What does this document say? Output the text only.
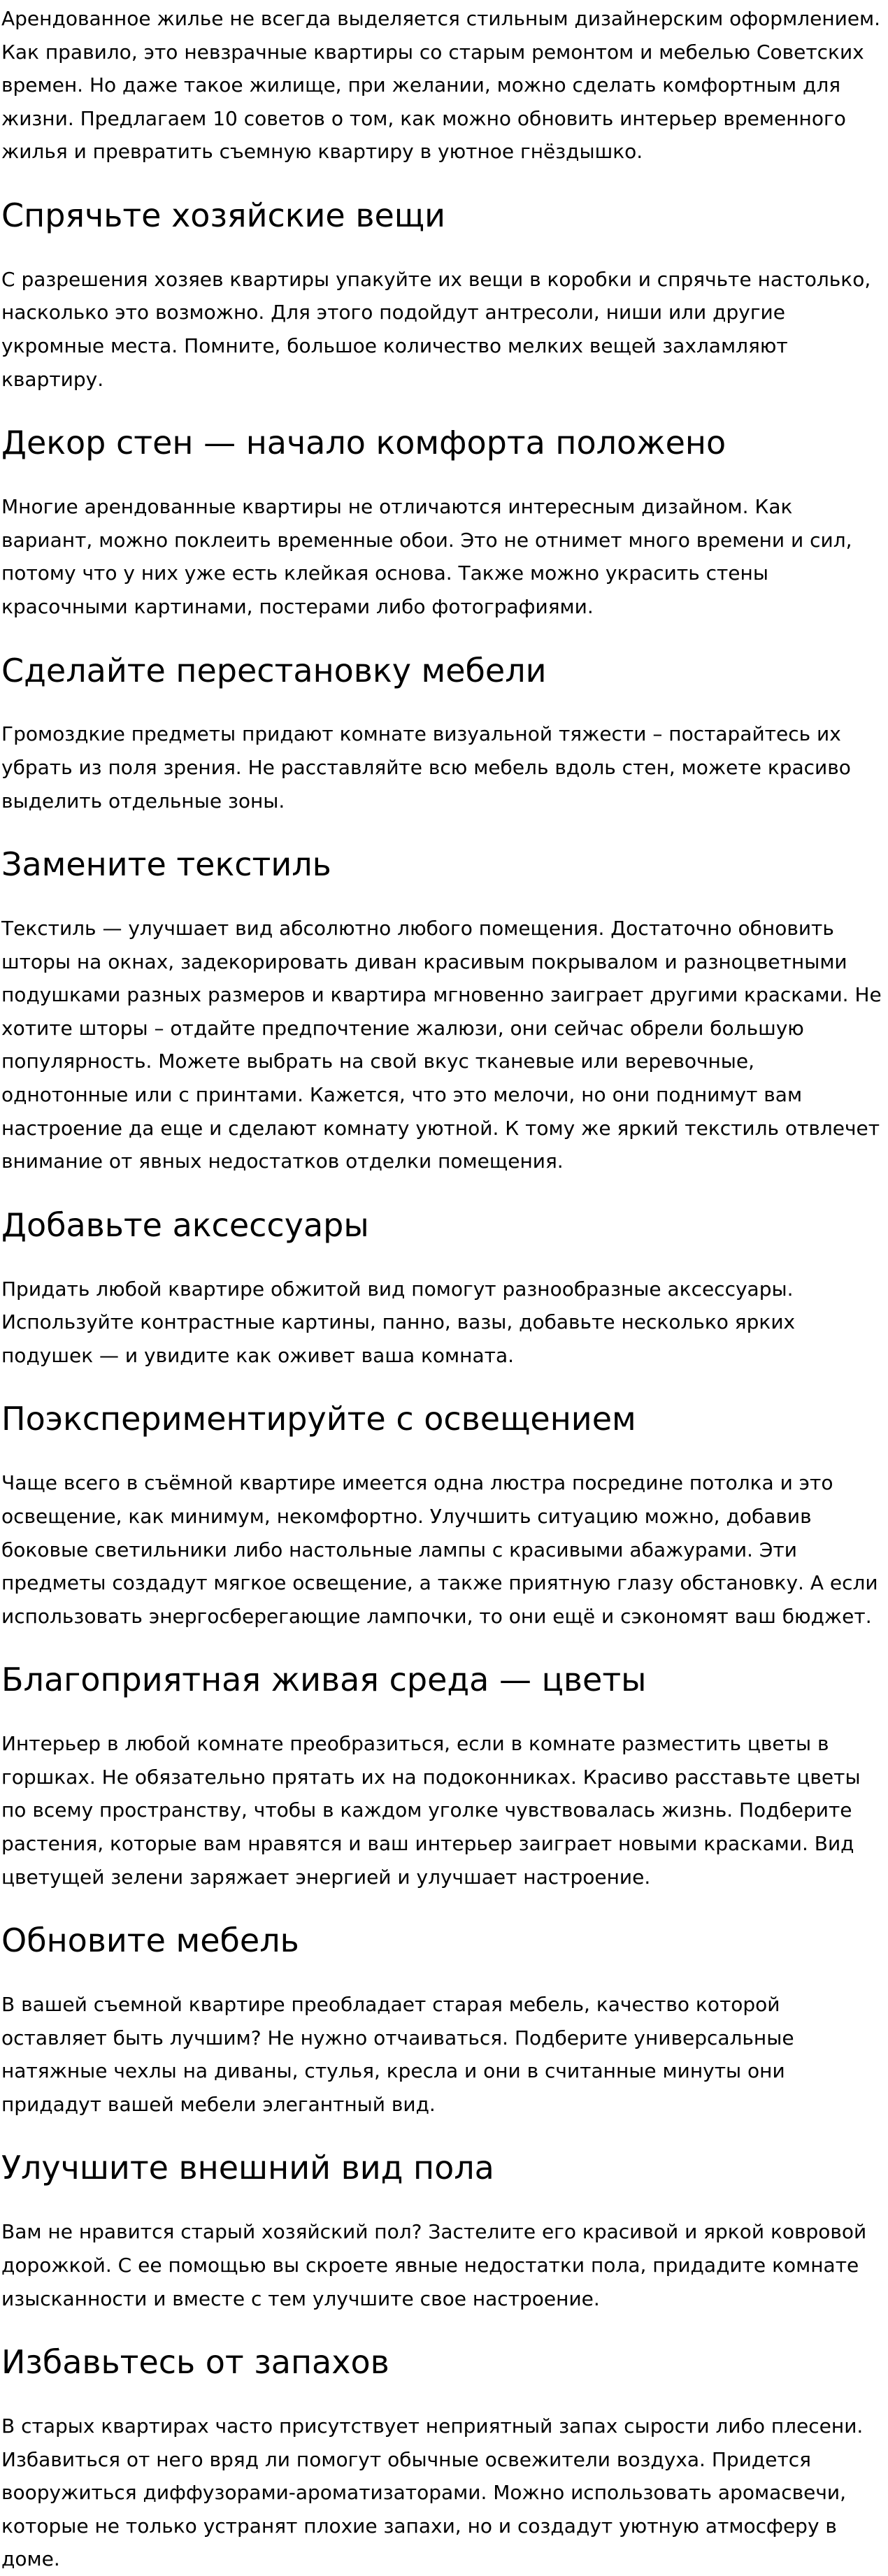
Арендованное жилье не всегда выделяется стильным дизайнерским оформлением. Как правило, это невзрачные квартиры со старым ремонтом и мебелью Советских времен. Но даже такое жилище, при желании, можно сделать комфортным для жизни. Предлагаем 10 советов о том, как можно обновить интерьер временного жилья и превратить съемную квартиру в уютное гнёздышко.

Спрячьте хозяйские вещи

С разрешения хозяев квартиры упакуйте их вещи в коробки и спрячьте настолько, насколько это возможно. Для этого подойдут антресоли, ниши или другие укромные места. Помните, большое количество мелких вещей захламляют квартиру.

Декор стен — начало комфорта положено

Многие арендованные квартиры не отличаются интересным дизайном. Как вариант, можно поклеить временные обои. Это не отнимет много времени и сил, потому что у них уже есть клейкая основа. Также можно украсить стены красочными картинами, постерами либо фотографиями.

Сделайте перестановку мебели

Громоздкие предметы придают комнате визуальной тяжести – постарайтесь их убрать из поля зрения. Не расставляйте всю мебель вдоль стен, можете красиво выделить отдельные зоны.

Замените текстиль

Текстиль — улучшает вид абсолютно любого помещения. Достаточно обновить шторы на окнах, задекорировать диван красивым покрывалом и разноцветными подушками разных размеров и квартира мгновенно заиграет другими красками. Не хотите шторы – отдайте предпочтение жалюзи, они сейчас обрели большую популярность. Можете выбрать на свой вкус тканевые или веревочные, однотонные или с принтами. Кажется, что это мелочи, но они поднимут вам настроение да еще и сделают комнату уютной. К тому же яркий текстиль отвлечет внимание от явных недостатков отделки помещения.

Добавьте аксессуары

Придать любой квартире обжитой вид помогут разнообразные аксессуары. Используйте контрастные картины, панно, вазы, добавьте несколько ярких подушек — и увидите как оживет ваша комната.

Поэкспериментируйте с освещением

Чаще всего в съёмной квартире имеется одна люстра посредине потолка и это освещение, как минимум, некомфортно. Улучшить ситуацию можно, добавив боковые светильники либо настольные лампы с красивыми абажурами. Эти предметы создадут мягкое освещение, а также приятную глазу обстановку. А если использовать энергосберегающие лампочки, то они ещё и сэкономят ваш бюджет.

Благоприятная живая среда — цветы

Интерьер в любой комнате преобразиться, если в комнате разместить цветы в горшках. Не обязательно прятать их на подоконниках. Красиво расставьте цветы по всему пространству, чтобы в каждом уголке чувствовалась жизнь. Подберите растения, которые вам нравятся и ваш интерьер заиграет новыми красками. Вид цветущей зелени заряжает энергией и улучшает настроение.

Обновите мебель

В вашей съемной квартире преобладает старая мебель, качество которой оставляет быть лучшим? Не нужно отчаиваться. Подберите универсальные натяжные чехлы на диваны, стулья, кресла и они в считанные минуты они придадут вашей мебели элегантный вид.

Улучшите внешний вид пола

Вам не нравится старый хозяйский пол? Застелите его красивой и яркой ковровой дорожкой. С ее помощью вы скроете явные недостатки пола, придадите комнате изысканности и вместе с тем улучшите свое настроение.

Избавьтесь от запахов

В старых квартирах часто присутствует неприятный запах сырости либо плесени. Избавиться от него вряд ли помогут обычные освежители воздуха. Придется вооружиться диффузорами-ароматизаторами. Можно использовать аромасвечи, которые не только устранят плохие запахи, но и создадут уютную атмосферу в доме.
